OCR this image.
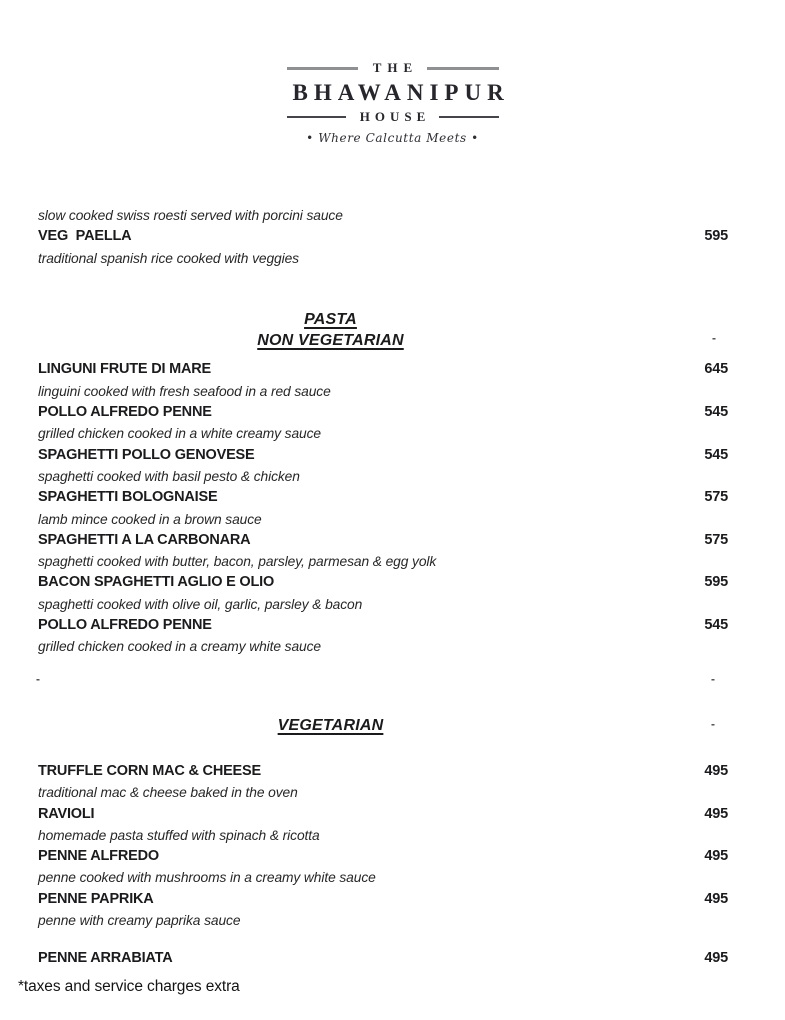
THE
BHAWANIPUR
HOUSE
• Where Calcutta Meets •
slow cooked swiss roesti served with porcini sauce
VEG  PAELLA	595
traditional spanish rice cooked with veggies
PASTA
NON VEGETARIAN
LINGUNI FRUTE DI MARE	645
linguini cooked with fresh seafood in a red sauce
POLLO ALFREDO PENNE	545
grilled chicken cooked in a white creamy sauce
SPAGHETTI POLLO GENOVESE	545
spaghetti cooked with basil pesto & chicken
SPAGHETTI BOLOGNAISE	575
lamb mince cooked in a brown sauce
SPAGHETTI A LA CARBONARA	575
spaghetti cooked with butter, bacon, parsley, parmesan & egg yolk
BACON SPAGHETTI AGLIO E OLIO	595
spaghetti cooked with olive oil, garlic, parsley & bacon
POLLO ALFREDO PENNE	545
grilled chicken cooked in a creamy white sauce
VEGETARIAN
TRUFFLE CORN MAC & CHEESE	495
traditional mac & cheese baked in the oven
RAVIOLI	495
homemade pasta stuffed with spinach & ricotta
PENNE ALFREDO	495
penne cooked with mushrooms in a creamy white sauce
PENNE PAPRIKA	495
penne with creamy paprika sauce
PENNE ARRABIATA	495
-
-	-
-
*taxes and service charges extra
